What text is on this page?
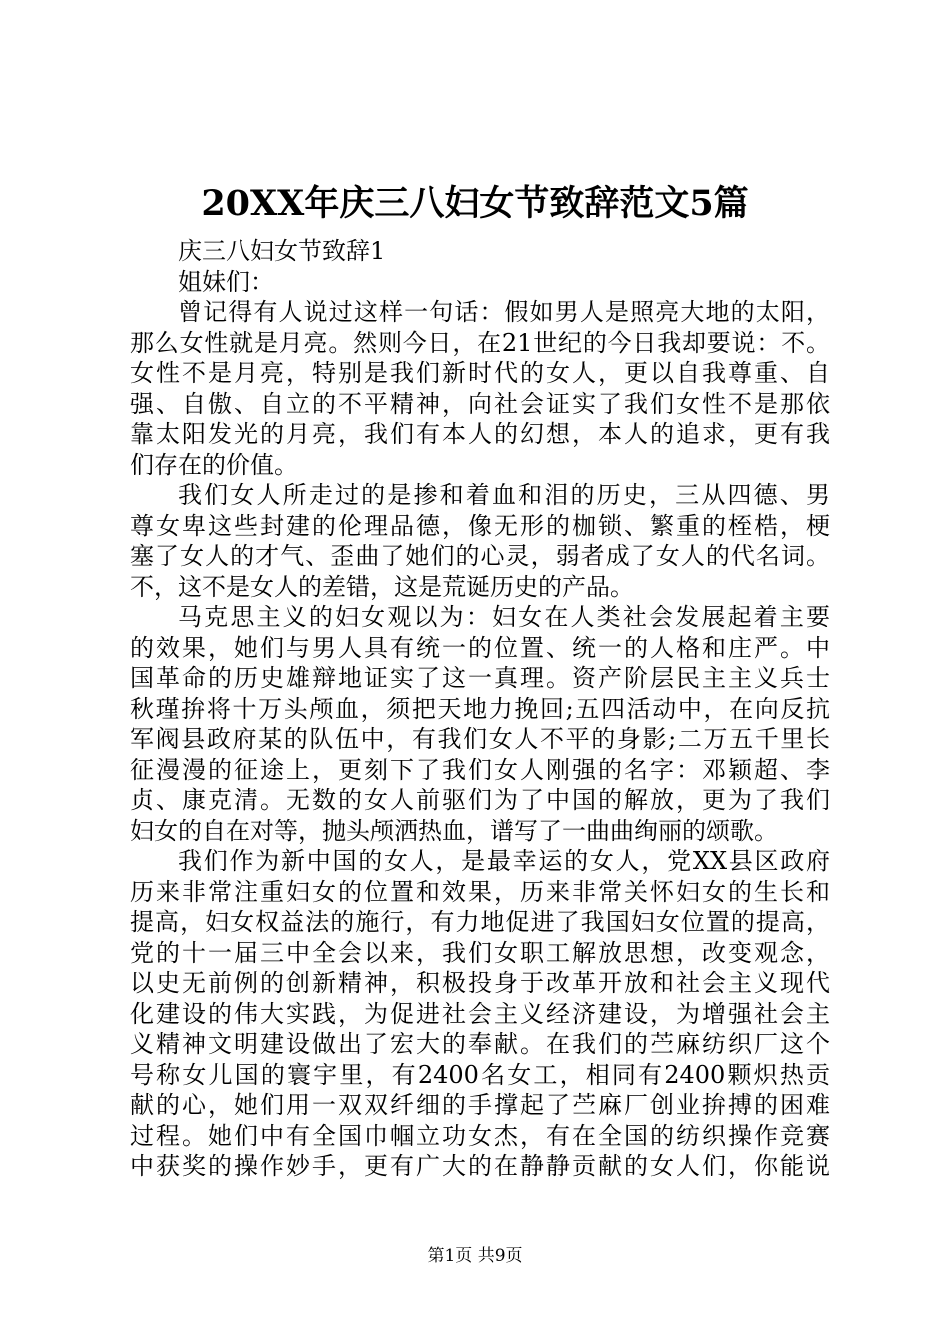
20XX年庆三八妇女节致辞范文5篇
庆三八妇女节致辞1
姐妹们：
曾记得有人说过这样一句话：假如男人是照亮大地的太阳，
那么女性就是月亮。然则今日，在21世纪的今日我却要说：不。
女性不是月亮，特别是我们新时代的女人，更以自我尊重、自
强、自傲、自立的不平精神，向社会证实了我们女性不是那依
靠太阳发光的月亮，我们有本人的幻想，本人的追求，更有我
们存在的价值。
我们女人所走过的是掺和着血和泪的历史，三从四德、男
尊女卑这些封建的伦理品德，像无形的枷锁、繁重的桎梏，梗
塞了女人的才气、歪曲了她们的心灵，弱者成了女人的代名词。
不，这不是女人的差错，这是荒诞历史的产品。
马克思主义的妇女观以为：妇女在人类社会发展起着主要
的效果，她们与男人具有统一的位置、统一的人格和庄严。中
国革命的历史雄辩地证实了这一真理。资产阶层民主主义兵士
秋瑾拚将十万头颅血，须把天地力挽回;五四活动中，在向反抗
军阀县政府某的队伍中，有我们女人不平的身影;二万五千里长
征漫漫的征途上，更刻下了我们女人刚强的名字：邓颖超、李
贞、康克清。无数的女人前驱们为了中国的解放，更为了我们
妇女的自在对等，抛头颅洒热血，谱写了一曲曲绚丽的颂歌。
我们作为新中国的女人，是最幸运的女人，党XX县区政府
历来非常注重妇女的位置和效果，历来非常关怀妇女的生长和
提高，妇女权益法的施行，有力地促进了我国妇女位置的提高，
党的十一届三中全会以来，我们女职工解放思想，改变观念，
以史无前例的创新精神，积极投身于改革开放和社会主义现代
化建设的伟大实践，为促进社会主义经济建设，为增强社会主
义精神文明建设做出了宏大的奉献。在我们的苎麻纺织厂这个
号称女儿国的寰宇里，有2400名女工，相同有2400颗炽热贡
献的心，她们用一双双纤细的手撑起了苎麻厂创业拚搏的困难
过程。她们中有全国巾帼立功女杰，有在全国的纺织操作竞赛
中获奖的操作妙手，更有广大的在静静贡献的女人们，你能说
第1页 共9页
